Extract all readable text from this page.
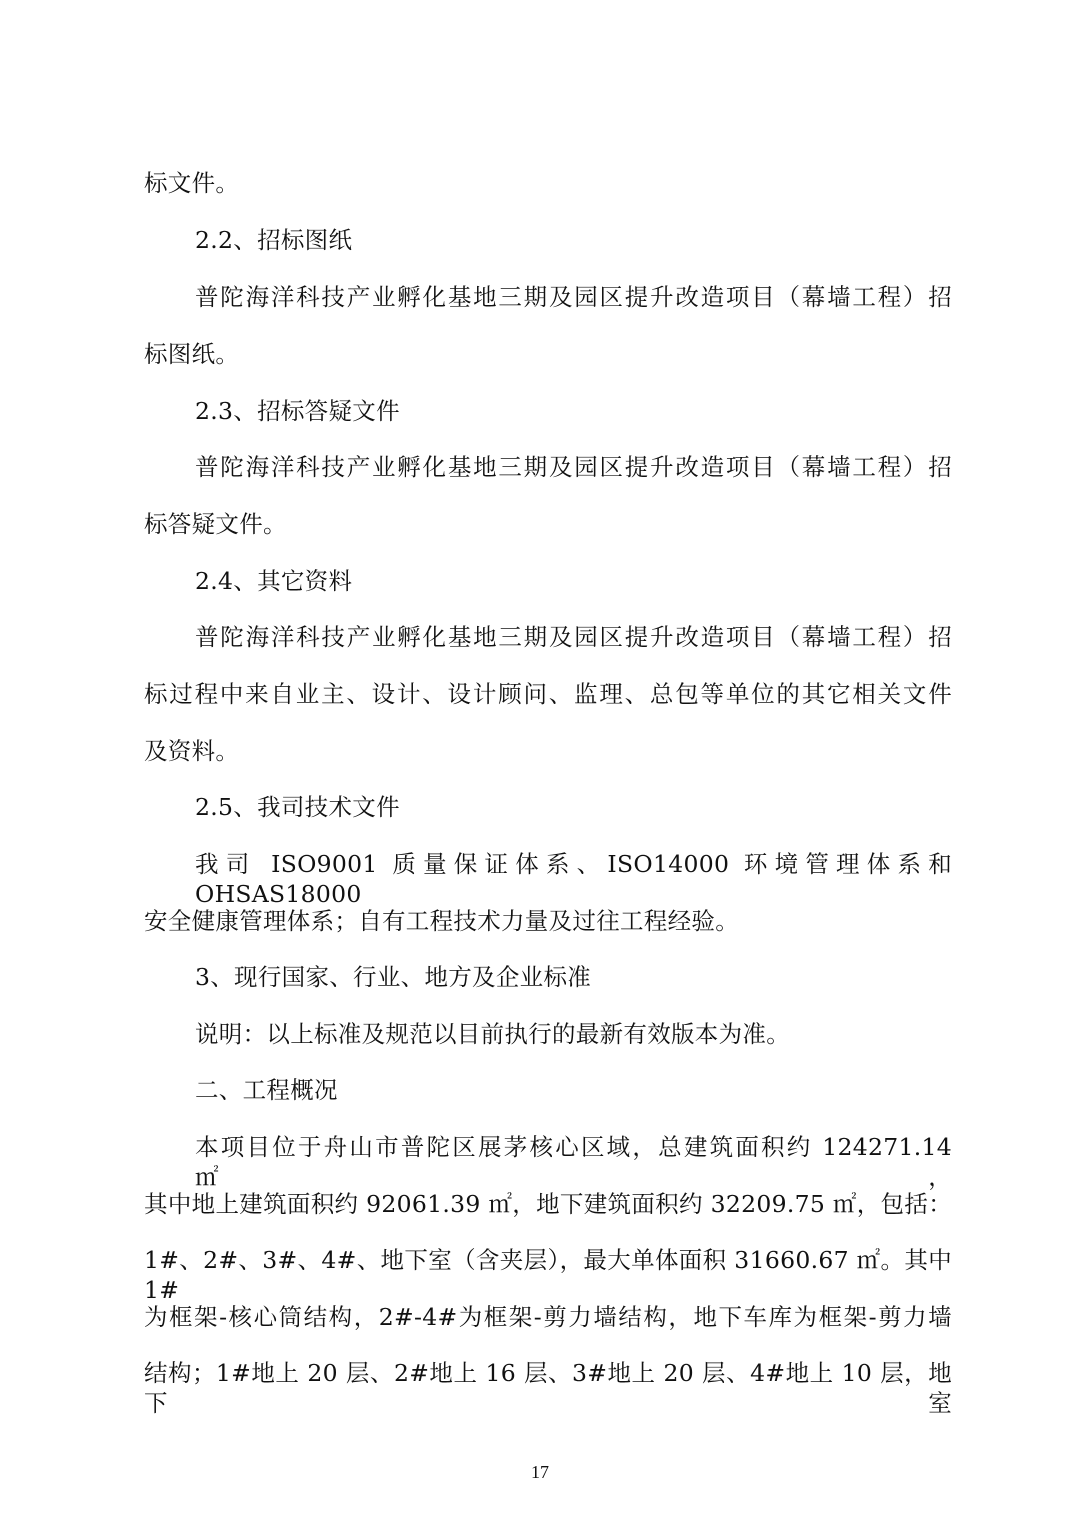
标文件。
2.2、招标图纸
普陀海洋科技产业孵化基地三期及园区提升改造项目（幕墙工程）招
标图纸。
2.3、招标答疑文件
普陀海洋科技产业孵化基地三期及园区提升改造项目（幕墙工程）招
标答疑文件。
2.4、其它资料
普陀海洋科技产业孵化基地三期及园区提升改造项目（幕墙工程）招
标过程中来自业主、设计、设计顾问、监理、总包等单位的其它相关文件
及资料。
2.5、我司技术文件
我司 ISO9001 质量保证体系、ISO14000 环境管理体系和 OHSAS18000
安全健康管理体系；自有工程技术力量及过往工程经验。
3、现行国家、行业、地方及企业标准
说明：以上标准及规范以目前执行的最新有效版本为准。
二、工程概况
本项目位于舟山市普陀区展茅核心区域，总建筑面积约 124271.14 ㎡，
其中地上建筑面积约 92061.39 ㎡，地下建筑面积约 32209.75 ㎡，包括：
1#、2#、3#、4#、地下室（含夹层），最大单体面积 31660.67 ㎡。其中 1#
为框架-核心筒结构，2#-4#为框架-剪力墙结构，地下车库为框架-剪力墙
结构；1#地上 20 层、2#地上 16 层、3#地上 20 层、4#地上 10 层，地下室
17
